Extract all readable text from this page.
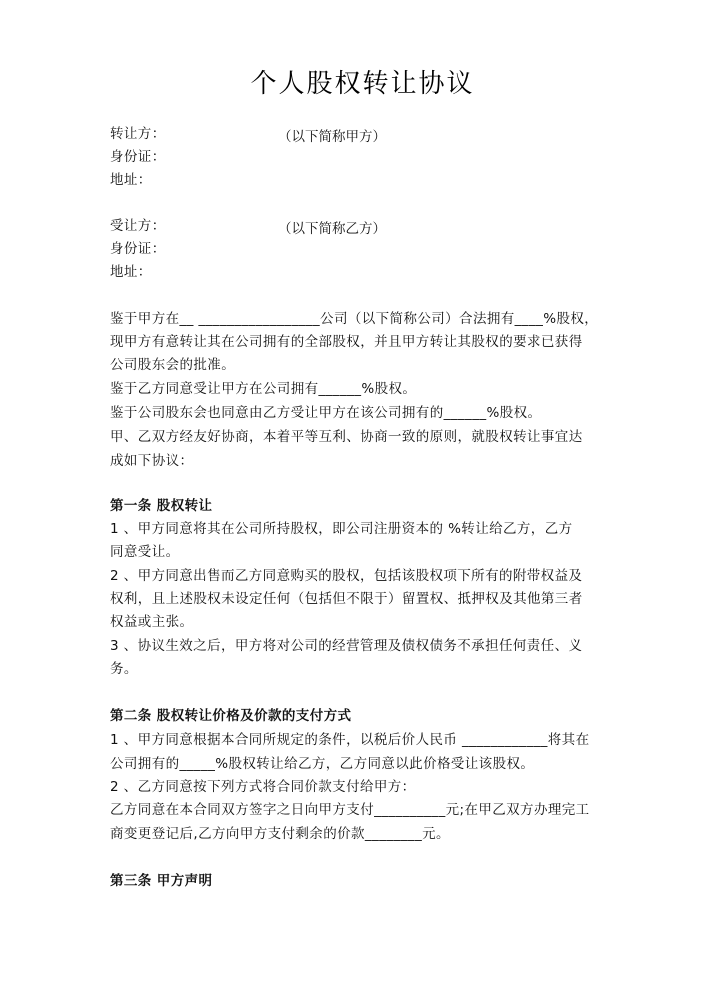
个人股权转让协议
转让方：	（以下简称甲方）
身份证：
地址：
受让方：	（以下简称乙方）
身份证：
地址：
鉴于甲方在__ _________________公司（以下简称公司）合法拥有____%股权，
现甲方有意转让其在公司拥有的全部股权，并且甲方转让其股权的要求已获得
公司股东会的批准。
鉴于乙方同意受让甲方在公司拥有______%股权。
鉴于公司股东会也同意由乙方受让甲方在该公司拥有的______%股权。
甲、乙双方经友好协商，本着平等互利、协商一致的原则，就股权转让事宜达
成如下协议：
第一条 股权转让
1 、甲方同意将其在公司所持股权，即公司注册资本的 %转让给乙方，乙方
同意受让。
2 、甲方同意出售而乙方同意购买的股权，包括该股权项下所有的附带权益及
权利，且上述股权未设定任何（包括但不限于）留置权、抵押权及其他第三者
权益或主张。
3 、协议生效之后，甲方将对公司的经营管理及债权债务不承担任何责任、义
务。
第二条 股权转让价格及价款的支付方式
1 、甲方同意根据本合同所规定的条件，以税后价人民币 ____________将其在
公司拥有的_____%股权转让给乙方，乙方同意以此价格受让该股权。
2 、乙方同意按下列方式将合同价款支付给甲方：
乙方同意在本合同双方签字之日向甲方支付__________元;在甲乙双方办理完工
商变更登记后,乙方向甲方支付剩余的价款________元。
第三条 甲方声明
